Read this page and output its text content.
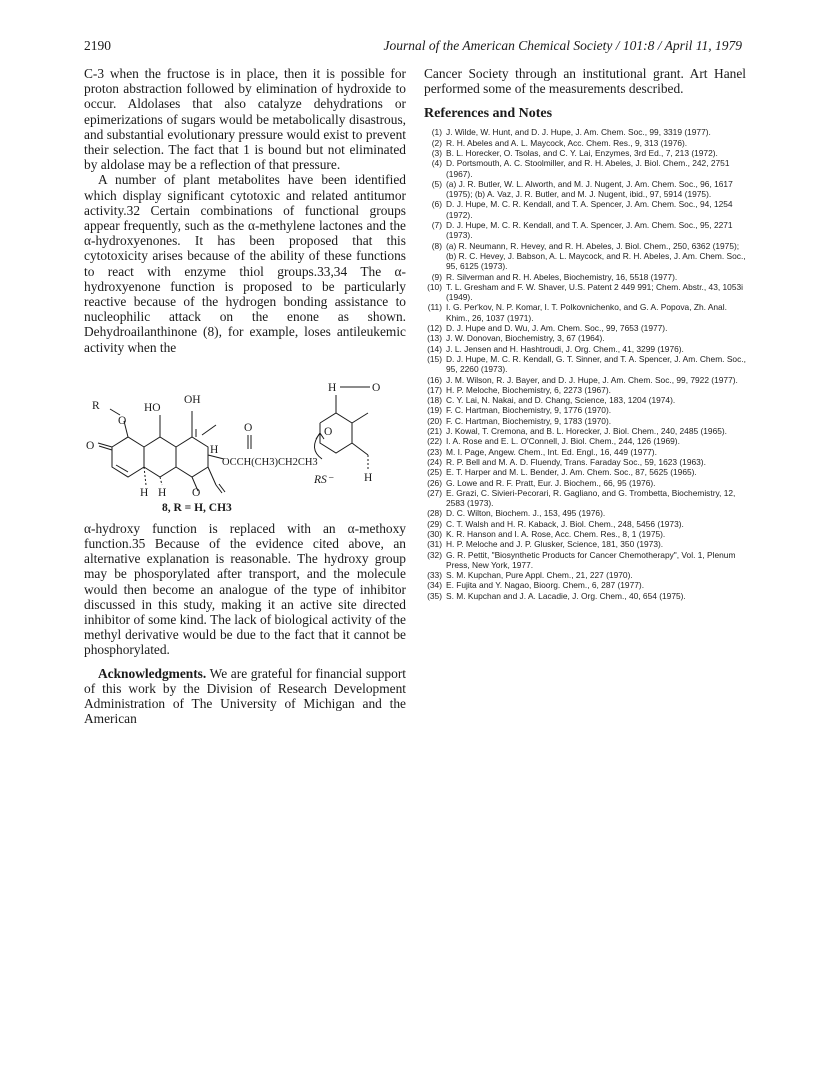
2190	Journal of the American Chemical Society / 101:8 / April 11, 1979

C-3 when the fructose is in place, then it is possible for proton abstraction followed by elimination of hydroxide to occur. Aldolases that also catalyze dehydrations or epimerizations of sugars would be metabolically disastrous, and substantial evolutionary pressure would exist to prevent their selection. The fact that 1 is bound but not eliminated by aldolase may be a reflection of that pressure.

A number of plant metabolites have been identified which display significant cytotoxic and related antitumor activity.32 Certain combinations of functional groups appear frequently, such as the α-methylene lactones and the α-hydroxyenones. It has been proposed that this cytotoxicity arises because of the ability of these functions to react with enzyme thiol groups.33,34 The α-hydroxyenone function is proposed to be particularly reactive because of the hydrogen bonding assistance to nucleophilic attack on the enone as shown. Dehydroailanthinone (8), for example, loses antileukemic activity when the

R
O
HO
OH
O
H
OCCH(CH3)CH2CH3
O
O
H H
8, R = H, CH3
H	O
O
H
RS⁻

α-hydroxy function is replaced with an α-methoxy function.35 Because of the evidence cited above, an alternative explanation is reasonable. The hydroxy group may be phosporylated after transport, and the molecule would then become an analogue of the type of inhibitor discussed in this study, making it an active site directed inhibitor of some kind. The lack of biological activity of the methyl derivative would be due to the fact that it cannot be phosphorylated.

Acknowledgments. We are grateful for financial support of this work by the Division of Research Development Administration of The University of Michigan and the American

Cancer Society through an institutional grant. Art Hanel performed some of the measurements described.

References and Notes
(1) J. Wilde, W. Hunt, and D. J. Hupe, J. Am. Chem. Soc., 99, 3319 (1977).
(2) R. H. Abeles and A. L. Maycock, Acc. Chem. Res., 9, 313 (1976).
(3) B. L. Horecker, O. Tsolas, and C. Y. Lai, Enzymes, 3rd Ed., 7, 213 (1972).
(4) D. Portsmouth, A. C. Stoolmiller, and R. H. Abeles, J. Biol. Chem., 242, 2751 (1967).
(5) (a) J. R. Butler, W. L. Alworth, and M. J. Nugent, J. Am. Chem. Soc., 96, 1617 (1975); (b) A. Vaz, J. R. Butler, and M. J. Nugent, ibid., 97, 5914 (1975).
(6) D. J. Hupe, M. C. R. Kendall, and T. A. Spencer, J. Am. Chem. Soc., 94, 1254 (1972).
(7) D. J. Hupe, M. C. R. Kendall, and T. A. Spencer, J. Am. Chem. Soc., 95, 2271 (1973).
(8) (a) R. Neumann, R. Hevey, and R. H. Abeles, J. Biol. Chem., 250, 6362 (1975); (b) R. C. Hevey, J. Babson, A. L. Maycock, and R. H. Abeles, J. Am. Chem. Soc., 95, 6125 (1973).
(9) R. Silverman and R. H. Abeles, Biochemistry, 16, 5518 (1977).
(10) T. L. Gresham and F. W. Shaver, U.S. Patent 2 449 991; Chem. Abstr., 43, 1053i (1949).
(11) I. G. Per'kov, N. P. Komar, I. T. Polkovnichenko, and G. A. Popova, Zh. Anal. Khim., 26, 1037 (1971).
(12) D. J. Hupe and D. Wu, J. Am. Chem. Soc., 99, 7653 (1977).
(13) J. W. Donovan, Biochemistry, 3, 67 (1964).
(14) J. L. Jensen and H. Hashtroudi, J. Org. Chem., 41, 3299 (1976).
(15) D. J. Hupe, M. C. R. Kendall, G. T. Sinner, and T. A. Spencer, J. Am. Chem. Soc., 95, 2260 (1973).
(16) J. M. Wilson, R. J. Bayer, and D. J. Hupe, J. Am. Chem. Soc., 99, 7922 (1977).
(17) H. P. Meloche, Biochemistry, 6, 2273 (1967).
(18) C. Y. Lai, N. Nakai, and D. Chang, Science, 183, 1204 (1974).
(19) F. C. Hartman, Biochemistry, 9, 1776 (1970).
(20) F. C. Hartman, Biochemistry, 9, 1783 (1970).
(21) J. Kowal, T. Cremona, and B. L. Horecker, J. Biol. Chem., 240, 2485 (1965).
(22) I. A. Rose and E. L. O'Connell, J. Biol. Chem., 244, 126 (1969).
(23) M. I. Page, Angew. Chem., Int. Ed. Engl., 16, 449 (1977).
(24) R. P. Bell and M. A. D. Fluendy, Trans. Faraday Soc., 59, 1623 (1963).
(25) E. T. Harper and M. L. Bender, J. Am. Chem. Soc., 87, 5625 (1965).
(26) G. Lowe and R. F. Pratt, Eur. J. Biochem., 66, 95 (1976).
(27) E. Grazi, C. Sivieri-Pecorari, R. Gagliano, and G. Trombetta, Biochemistry, 12, 2583 (1973).
(28) D. C. Wilton, Biochem. J., 153, 495 (1976).
(29) C. T. Walsh and H. R. Kaback, J. Biol. Chem., 248, 5456 (1973).
(30) K. R. Hanson and I. A. Rose, Acc. Chem. Res., 8, 1 (1975).
(31) H. P. Meloche and J. P. Glusker, Science, 181, 350 (1973).
(32) G. R. Pettit, "Biosynthetic Products for Cancer Chemotherapy", Vol. 1, Plenum Press, New York, 1977.
(33) S. M. Kupchan, Pure Appl. Chem., 21, 227 (1970).
(34) E. Fujita and Y. Nagao, Bioorg. Chem., 6, 287 (1977).
(35) S. M. Kupchan and J. A. Lacadie, J. Org. Chem., 40, 654 (1975).
